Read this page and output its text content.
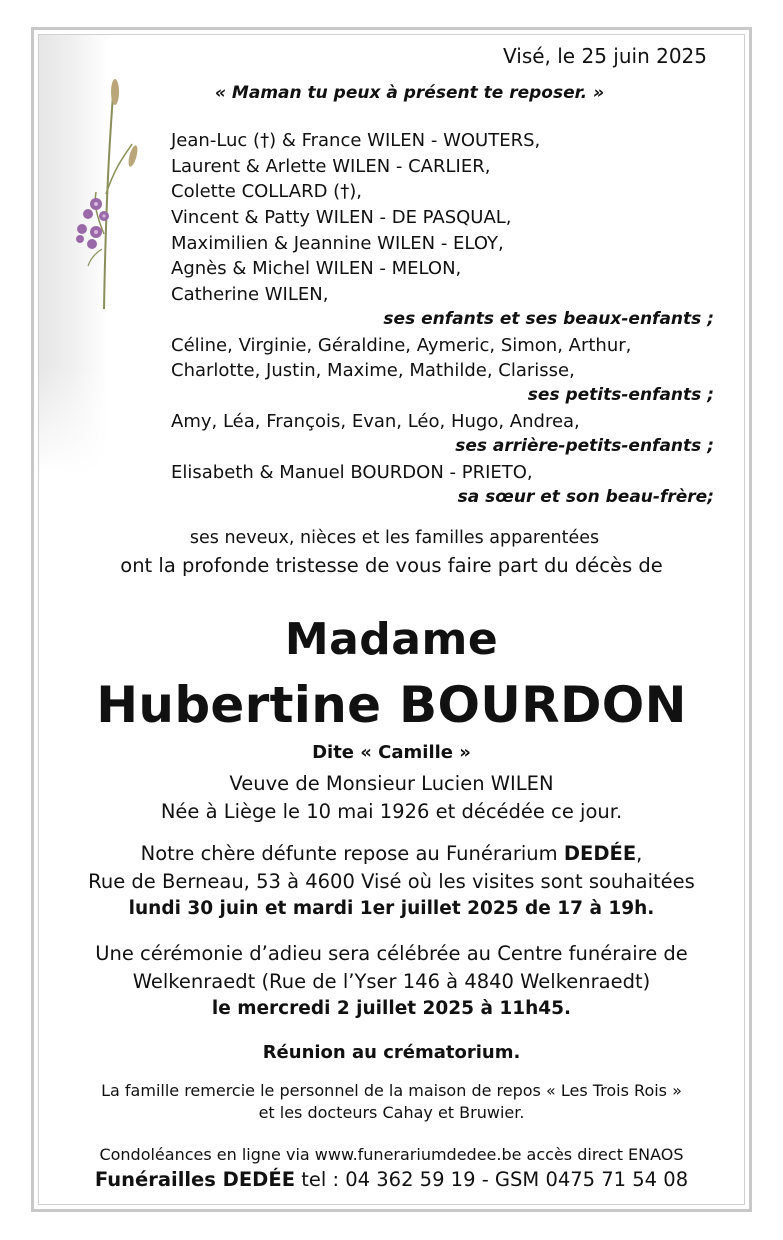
Visé, le 25 juin 2025
« Maman tu peux à présent te reposer. »
Jean-Luc (†) & France WILEN - WOUTERS,
Laurent & Arlette WILEN - CARLIER,
Colette COLLARD (†),
Vincent & Patty WILEN - DE PASQUAL,
Maximilien & Jeannine WILEN - ELOY,
Agnès & Michel WILEN - MELON,
Catherine WILEN,
ses enfants et ses beaux-enfants ;
Céline, Virginie, Géraldine, Aymeric, Simon, Arthur,
Charlotte, Justin, Maxime, Mathilde, Clarisse,
ses petits-enfants ;
Amy, Léa, François, Evan, Léo, Hugo, Andrea,
ses arrière-petits-enfants ;
Elisabeth & Manuel BOURDON - PRIETO,
sa sœur et son beau-frère;
ses neveux, nièces et les familles apparentées
ont la profonde tristesse de vous faire part du décès de
Madame
Hubertine BOURDON
Dite « Camille »
Veuve de Monsieur Lucien WILEN
Née à Liège le 10 mai 1926 et décédée ce jour.
Notre chère défunte repose au Funérarium DEDÉE,
Rue de Berneau, 53 à 4600 Visé où les visites sont souhaitées
lundi 30 juin et mardi 1er juillet 2025 de 17 à 19h.
Une cérémonie d’adieu sera célébrée au Centre funéraire de
Welkenraedt (Rue de l’Yser 146 à 4840 Welkenraedt)
le mercredi 2 juillet 2025 à 11h45.
Réunion au crématorium.
La famille remercie le personnel de la maison de repos « Les Trois Rois »
et les docteurs Cahay et Bruwier.
Condoléances en ligne via www.funerariumdedee.be accès direct ENAOS
Funérailles DEDÉE tel : 04 362 59 19 - GSM 0475 71 54 08
